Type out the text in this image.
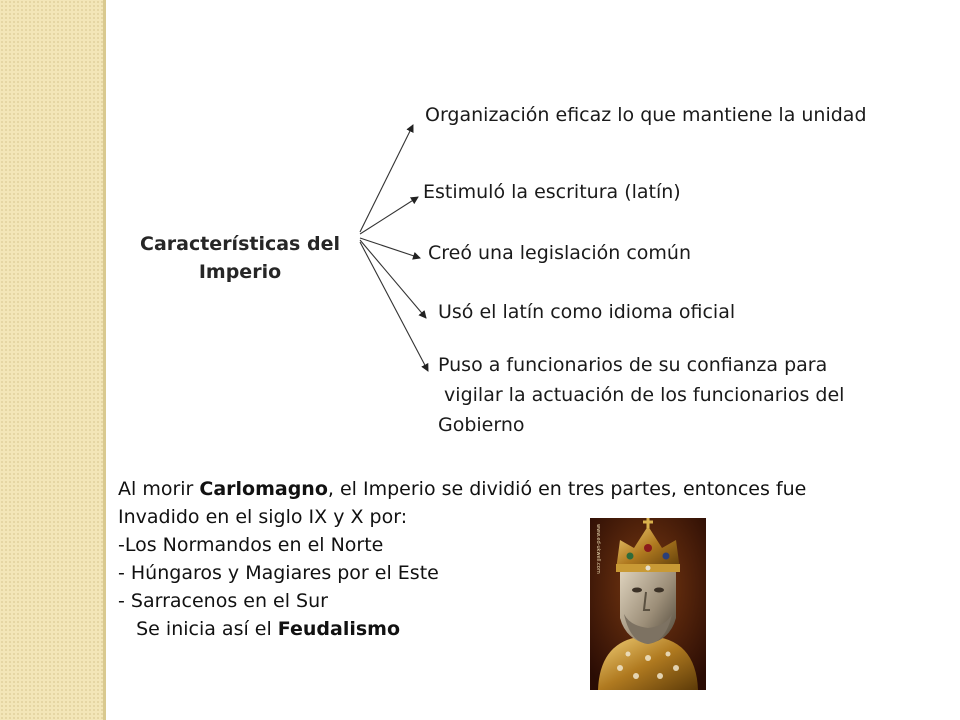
Características del Imperio
Organización eficaz lo que mantiene la unidad
Estimuló la escritura (latín)
Creó una legislación común
Usó el latín como idioma oficial
Puso a funcionarios de su confianza para
vigilar la actuación de los funcionarios del
Gobierno
Al morir Carlomagno, el Imperio se dividió en tres partes, entonces fue
Invadido en el siglo IX y X por:
-Los Normandos en el Norte
- Húngaros y Magiares por el Este
- Sarracenos en el Sur
Se inicia así el Feudalismo
www.ed-ukwell.com
